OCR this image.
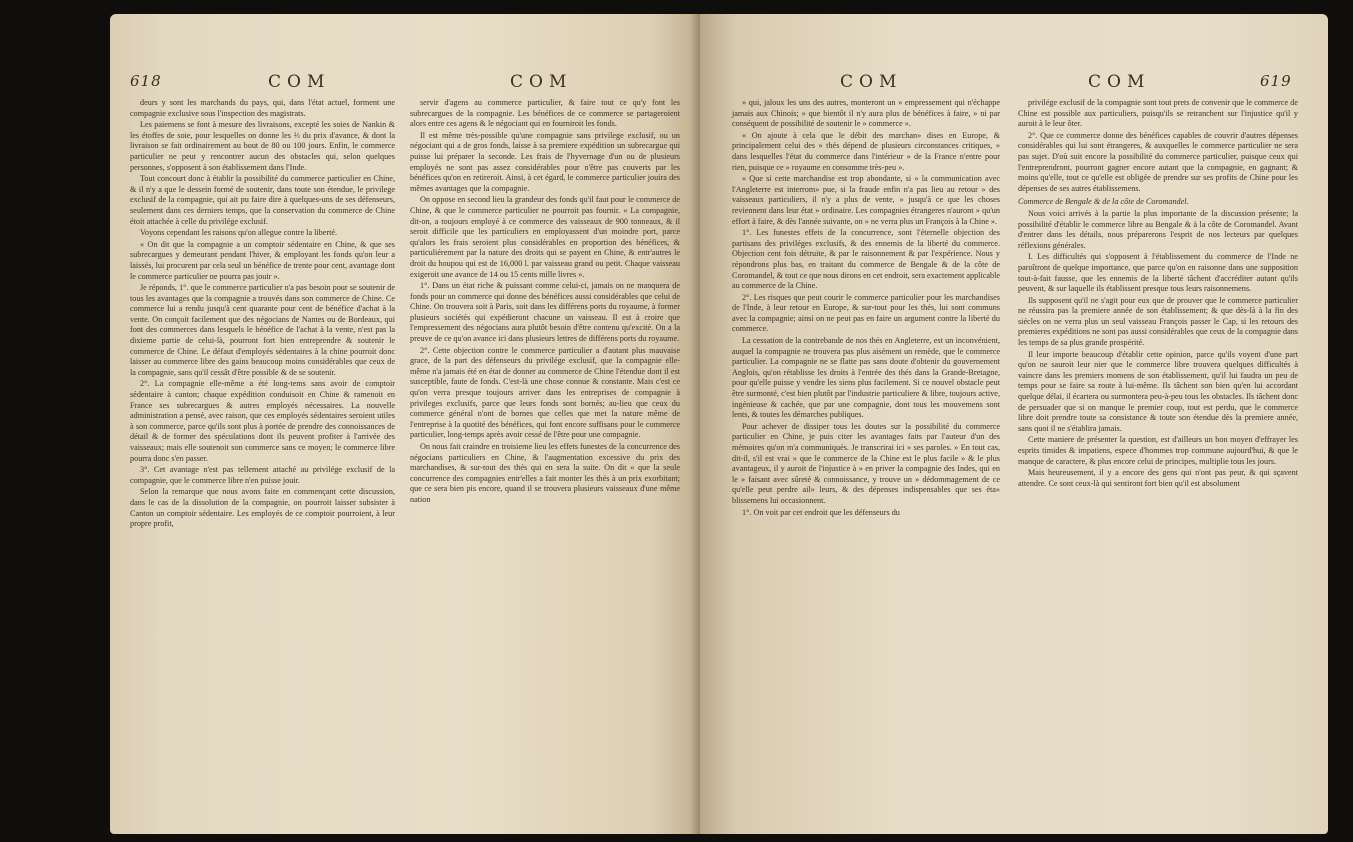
618	COM	COM

deurs y sont les marchands du pays, qui, dans l'état actuel, forment une compagnie exclusive sous l'inspection des magistrats.

Les paiemens se font à mesure des livraisons, excepté les soies de Nankin & les étoffes de soie, pour lesquelles on donne les ⅔ du prix d'avance, & dont la livraison se fait ordinairement au bout de 80 ou 100 jours. Enfin, le commerce particulier ne peut y rencontrer aucun des obstacles qui, selon quelques personnes, s'opposent à son établissement dans l'Inde.

Tout concourt donc à établir la possibilité du commerce particulier en Chine, & il n'y a que le dessein formé de soutenir, dans toute son étendue, le privilege exclusif de la compagnie, qui ait pu faire dire à quelques-uns de ses défenseurs, seulement dans ces derniers temps, que la conservation du commerce de Chine étoit attachée à celle du privilége exclusif.

Voyons cependant les raisons qu'on allegue contre la liberté.

« On dit que la compagnie a un comptoir sédentaire en Chine, & que ses subrecargues y demeurant pendant l'hiver, & employant les fonds qu'on leur a laissés, lui procurent par cela seul un bénéfice de trente pour cent, avantage dont le commerce particulier ne pourra pas jouir ».

Je réponds, 1°. que le commerce particulier n'a pas besoin pour se soutenir de tous les avantages que la compagnie a trouvés dans son commerce de Chine. Ce commerce lui a rendu jusqu'à cent quarante pour cent de bénéfice d'achat à la vente. On conçoit facilement que des négocians de Nantes ou de Bordeaux, qui font des commerces dans lesquels le bénéfice de l'achat à la vente, n'est pas la dixieme partie de celui-là, pourront fort bien entreprendre & soutenir le commerce de Chine. Le défaut d'employés sédentaires à la chine pourroit donc laisser au commerce libre des gains beaucoup moins considérables que ceux de la compagnie, sans qu'il cessât d'être possible & de se soutenir.

2°. La compagnie elle-même a été long-tems sans avoir de comptoir sédentaire à canton; chaque expédition conduisoit en Chine & ramenoit en France ses subrecargues & autres employés nécessaires. La nouvelle administration a pensé, avec raison, que ces employés sédentaires seroient utiles à son commerce, parce qu'ils sont plus à portée de prendre des connoissances de détail & de former des spéculations dont ils peuvent profiter à l'arrivée des vaisseaux; mais elle soutenoit son commerce sans ce moyen; le commerce libre pourra donc s'en passer.

3°. Cet avantage n'est pas tellement attaché au privilége exclusif de la compagnie, que le commerce libre n'en puisse jouir.

Selon la remarque que nous avons faite en commençant cette discussion, dans le cas de la dissolution de la compagnie, on pourroit laisser subsister à Canton un comptoir sédentaire. Les employés de ce comptoir pourroient, à leur propre profit,

servir d'agens au commerce particulier, & faire tout ce qu'y font les subrecargues de la compagnie. Les bénéfices de ce commerce se partageroient alors entre ces agens & le négociant qui en fourniroit les fonds.

Il est même très-possible qu'une compagnie sans privilege exclusif, ou un négociant qui a de gros fonds, laisse à sa premiere expédition un subrecargue qui puisse lui préparer la seconde. Les frais de l'hyvernage d'un ou de plusieurs employés ne sont pas assez considérables pour n'être pas couverts par les bénéfices qu'on en retireroit. Ainsi, à cet égard, le commerce particulier jouira des mêmes avantages que la compagnie.

On oppose en second lieu la grandeur des fonds qu'il faut pour le commerce de Chine, & que le commerce particulier ne pourroit pas fournir. « La compagnie, dit-on, a toujours employé à ce commerce des vaisseaux de 900 tonneaux, & il seroit difficile que les particuliers en employassent d'un moindre port, parce qu'alors les frais seroient plus considérables en proportion des bénéfices, & particuliérement par la nature des droits qui se payent en Chine, & entr'autres le droit du houpou qui est de 16,000 l. par vaisseau grand ou petit. Chaque vaisseau exigeroit une avance de 14 ou 15 cents mille livres ».

1°. Dans un état riche & puissant comme celui-ci, jamais on ne manquera de fonds pour un commerce qui donne des bénéfices aussi considérables que celui de Chine. On trouvera soit à Paris, soit dans les différens ports du royaume, à former plusieurs sociétés qui expédieront chacune un vaisseau. Il est à croire que l'empressement des négocians aura plutôt besoin d'être contenu qu'excité. On a la preuve de ce qu'on avance ici dans plusieurs lettres de différens ports du royaume.

2°. Cette objection contre le commerce particulier a d'autant plus mauvaise grace, de la part des défenseurs du privilége exclusif, que la compagnie elle-même n'a jamais été en état de donner au commerce de Chine l'étendue dont il est susceptible, faute de fonds. C'est-là une chose connue & constante. Mais c'est ce qu'on verra presque toujours arriver dans les entreprises de compagnie à privileges exclusifs, parce que leurs fonds sont bornés; au-lieu que ceux du commerce général n'ont de bornes que celles que met la nature même de l'entreprise à la quotité des bénéfices, qui font encore suffisans pour le commerce particulier, long-temps après avoir cessé de l'être pour une compagnie.

On nous fait craindre en troisieme lieu les effets funestes de la concurrence des négocians particuliers en Chine, & l'augmentation excessive du prix des marchandises, & sur-tout des thés qui en sera la suite. On dit « que la seule concurrence des compagnies entr'elles a fait monter les thés à un prix exorbitant; que ce sera bien pis encore, quand il se trouvera plusieurs vaisseaux d'une même nation

COM	COM	619

» qui, jaloux les uns des autres, monteront un » empressement qui n'échappe jamais aux Chinois; » que bientôt il n'y aura plus de bénéfices à faire, » ni par conséquent de possibilité de soutenir le » commerce ».

« On ajoute à cela que le débit des marchan» dises en Europe, & principalement celui des » thés dépend de plusieurs circonstances critiques, » dans lesquelles l'état du commerce dans l'intérieur » de la France n'entre pour rien, puisque ce » royaume en consomme très-peu ».

« Que si cette marchandise est trop abondante, si » la communication avec l'Angleterre est interrom» pue, si la fraude enfin n'a pas lieu au retour » des vaisseaux particuliers, il n'y a plus de vente, » jusqu'à ce que les choses reviennent dans leur état » ordinaire. Les compagnies étrangeres n'auront » qu'un effort à faire, & dès l'année suivante, on » ne verra plus un François à la Chine ».

1°. Les funestes effets de la concurrence, sont l'éternelle objection des partisans des priviléges exclusifs, & des ennemis de la liberté du commerce. Objection cent fois détruite, & par le raisonnement & par l'expérience. Nous y répondrons plus bas, en traitant du commerce de Bengale & de la côte de Coromandel, & tout ce que nous dirons en cet endroit, sera exactement applicable au commerce de la Chine.

2°. Les risques que peut courir le commerce particulier pour les marchandises de l'Inde, à leur retour en Europe, & sur-tout pour les thés, lui sont communs avec la compagnie; ainsi on ne peut pas en faire un argument contre la liberté du commerce.

La cessation de la contrebande de nos thés en Angleterre, est un inconvénient, auquel la compagnie ne trouvera pas plus aisément un remède, que le commerce particulier. La compagnie ne se flatte pas sans doute d'obtenir du gouvernement Anglois, qu'on rétablisse les droits à l'entrée des thés dans la Grande-Bretagne, pour qu'elle puisse y vendre les siens plus facilement. Si ce nouvel obstacle peut être surmonté, c'est bien plutôt par l'industrie particuliere & libre, toujours active, ingénieuse & cachée, que par une compagnie, dont tous les mouvemens sont lents, & toutes les démarches publiques.

Pour achever de dissiper tous les doutes sur la possibilité du commerce particulier en Chine, je puis citer les avantages faits par l'auteur d'un des mémoires qu'on m'a communiqués. Je transcrirai ici » ses paroles. » En tout cas, dit-il, s'il est vrai » que le commerce de la Chine est le plus facile » & le plus avantageux, il y auroit de l'injustice à » en priver la compagnie des Indes, qui en le » faisant avec sûreté & connoissance, y trouve un » dédommagement de ce qu'elle peut perdre ail» leurs, & des dépenses indispensables que ses éta» blissemens lui occasionnent.

1°. On voit par cet endroit que les défenseurs du

privilége exclusif de la compagnie sont tout prets de convenir que le commerce de Chine est possible aux particuliers, puisqu'ils se retranchent sur l'injustice qu'il y auroit à le leur ôter.

2°. Que ce commerce donne des bénéfices capables de couvrir d'autres dépenses considérables qui lui sont étrangeres, & auxquelles le commerce particulier ne sera pas sujet. D'où suit encore la possibilité du commerce particulier, puisque ceux qui l'entreprendront, pourront gagner encore autant que la compagnie, en gagnant; & moins qu'elle, tout ce qu'elle est obligée de prendre sur ses profits de Chine pour les dépenses de ses autres établissemens.

Commerce de Bengale & de la côte de Coromandel.

Nous voici arrivés à la partie la plus importante de la discussion présente; la possibilité d'établir le commerce libre au Bengale & à la côte de Coromandel. Avant d'entrer dans les détails, nous préparerons l'esprit de nos lecteurs par quelques réflexions générales.

I. Les difficultés qui s'opposent à l'établissement du commerce de l'Inde ne paroîtront de quelque importance, que parce qu'on en raisonne dans une supposition tout-à-fait fausse, que les ennemis de la liberté tâchent d'accréditer autant qu'ils peuvent, & sur laquelle ils établissent presque tous leurs raisonnemens.

Ils supposent qu'il ne s'agit pour eux que de prouver que le commerce particulier ne réussira pas la premiere année de son établissement; & que dès-là à la fin des siécles on ne verra plus un seul vaisseau François passer le Cap, si les retours des premieres expéditions ne sont pas aussi considérables que ceux de la compagnie dans les temps de sa plus grande prospérité.

Il leur importe beaucoup d'établir cette opinion, parce qu'ils voyent d'une part qu'on ne sauroit leur nier que le commerce libre trouvera quelques difficultés à vaincre dans les premiers momens de son établissement, qu'il lui faudra un peu de temps pour se faire sa route à lui-même. Ils tâchent son bien qu'en lui accordant quelque délai, il écartera ou surmontera peu-à-peu tous les obstacles. Ils tâchent donc de persuader que si on manque le premier coup, tout est perdu, que le commerce libre doit prendre toute sa consistance & toute son étendue dès la premiere année, sans quoi il ne s'établira jamais.

Cette maniere de présenter la question, est d'ailleurs un bon moyen d'effrayer les esprits timides & impatiens, espece d'hommes trop commune aujourd'hui, & que le manque de caractere, & plus encore celui de principes, multiplie tous les jours.

Mais heureusement, il y a encore des gens qui n'ont pas peur, & qui sçavent attendre. Ce sont ceux-là qui sentiront fort bien qu'il est absolument
